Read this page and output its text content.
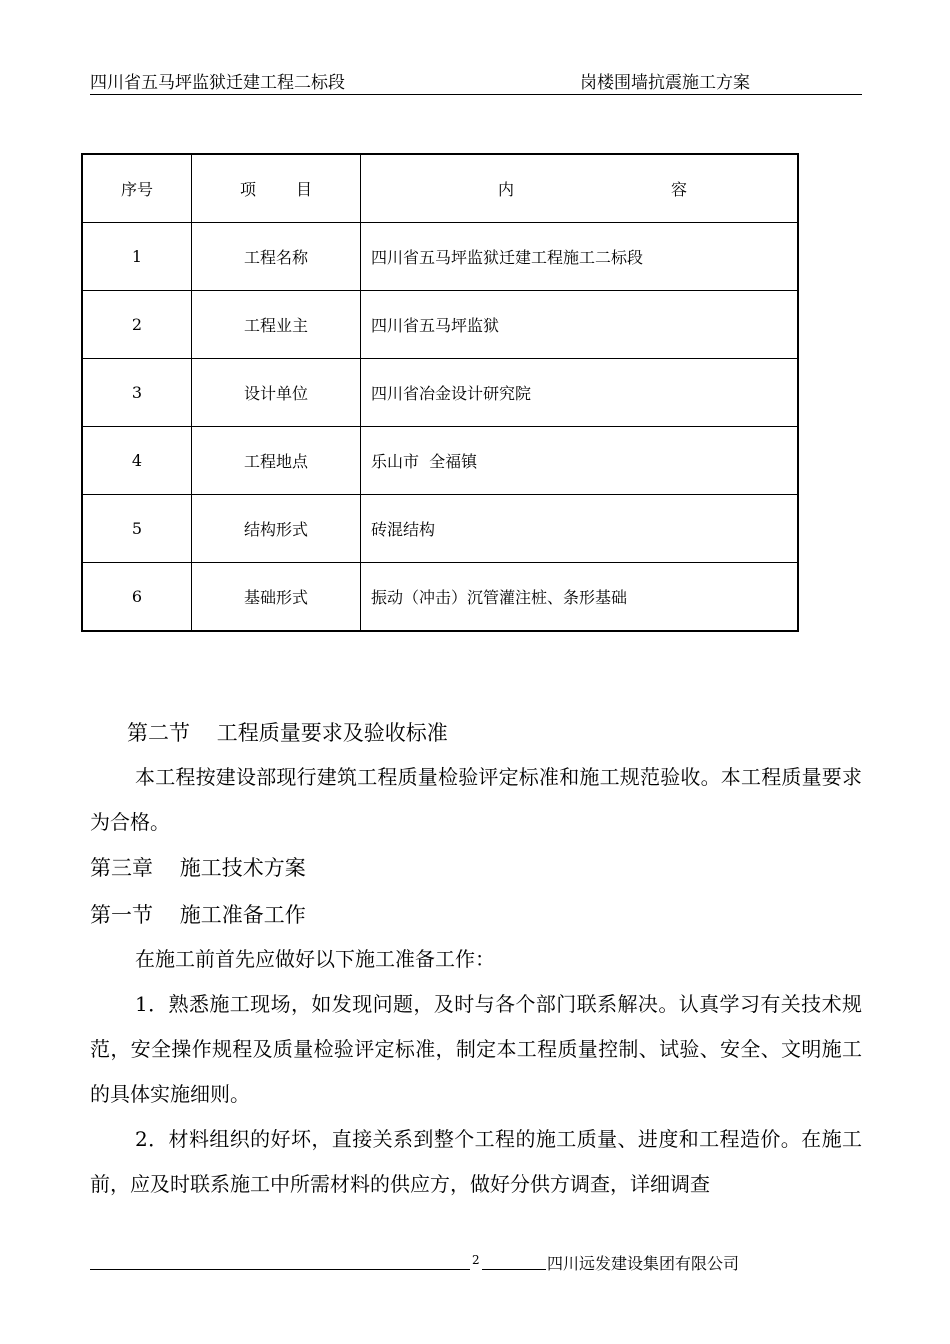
四川省五马坪监狱迁建工程二标段	岗楼围墙抗震施工方案
序号	项 目	内 容

1	工程名称	四川省五马坪监狱迁建工程施工二标段
2	工程业主	四川省五马坪监狱
3	设计单位	四川省冶金设计研究院
4	工程地点	乐山市  全福镇
5	结构形式	砖混结构
6	基础形式	振动（冲击）沉管灌注桩、条形基础
第二节    工程质量要求及验收标准
本工程按建设部现行建筑工程质量检验评定标准和施工规范验收。本工程质量要求为合格。
第三章    施工技术方案
第一节    施工准备工作
在施工前首先应做好以下施工准备工作：
1．熟悉施工现场，如发现问题，及时与各个部门联系解决。认真学习有关技术规范，安全操作规程及质量检验评定标准，制定本工程质量控制、试验、安全、文明施工的具体实施细则。
2．材料组织的好坏，直接关系到整个工程的施工质量、进度和工程造价。在施工前，应及时联系施工中所需材料的供应方，做好分供方调查，详细调查
2	四川远发建设集团有限公司
